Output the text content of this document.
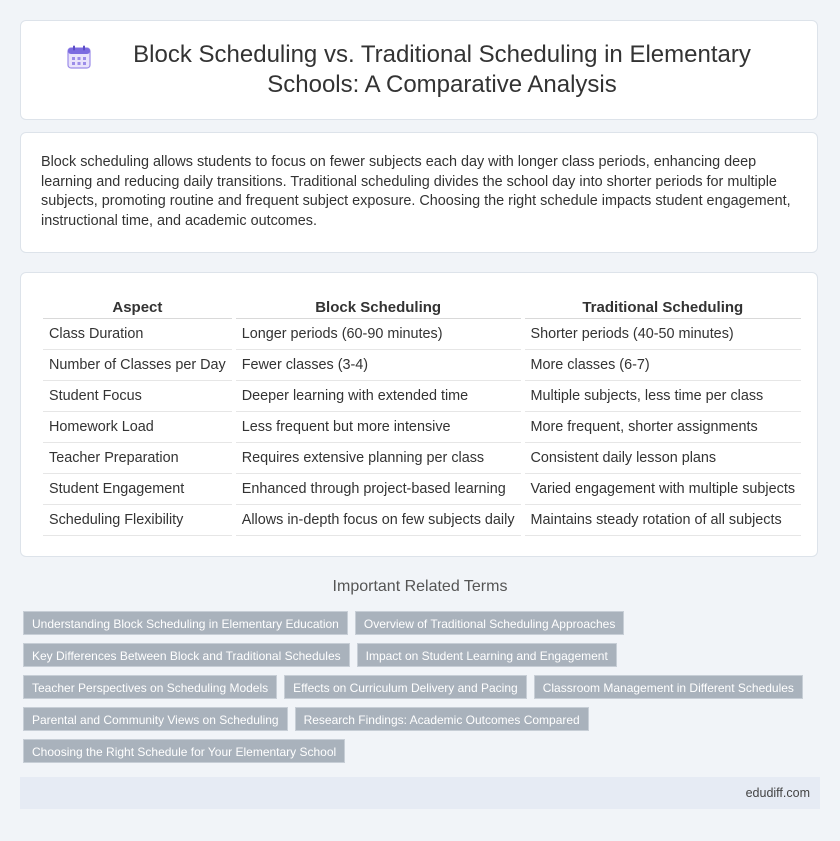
Block Scheduling vs. Traditional Scheduling in Elementary Schools: A Comparative Analysis

Block scheduling allows students to focus on fewer subjects each day with longer class periods, enhancing deep learning and reducing daily transitions. Traditional scheduling divides the school day into shorter periods for multiple subjects, promoting routine and frequent subject exposure. Choosing the right schedule impacts student engagement, instructional time, and academic outcomes.

Aspect	Block Scheduling	Traditional Scheduling
Class Duration	Longer periods (60-90 minutes)	Shorter periods (40-50 minutes)
Number of Classes per Day	Fewer classes (3-4)	More classes (6-7)
Student Focus	Deeper learning with extended time	Multiple subjects, less time per class
Homework Load	Less frequent but more intensive	More frequent, shorter assignments
Teacher Preparation	Requires extensive planning per class	Consistent daily lesson plans
Student Engagement	Enhanced through project-based learning	Varied engagement with multiple subjects
Scheduling Flexibility	Allows in-depth focus on few subjects daily	Maintains steady rotation of all subjects
Important Related Terms
Understanding Block Scheduling in Elementary Education	Overview of Traditional Scheduling Approaches
Key Differences Between Block and Traditional Schedules	Impact on Student Learning and Engagement
Teacher Perspectives on Scheduling Models	Effects on Curriculum Delivery and Pacing	Classroom Management in Different Schedules
Parental and Community Views on Scheduling	Research Findings: Academic Outcomes Compared
Choosing the Right Schedule for Your Elementary School
edudiff.com
